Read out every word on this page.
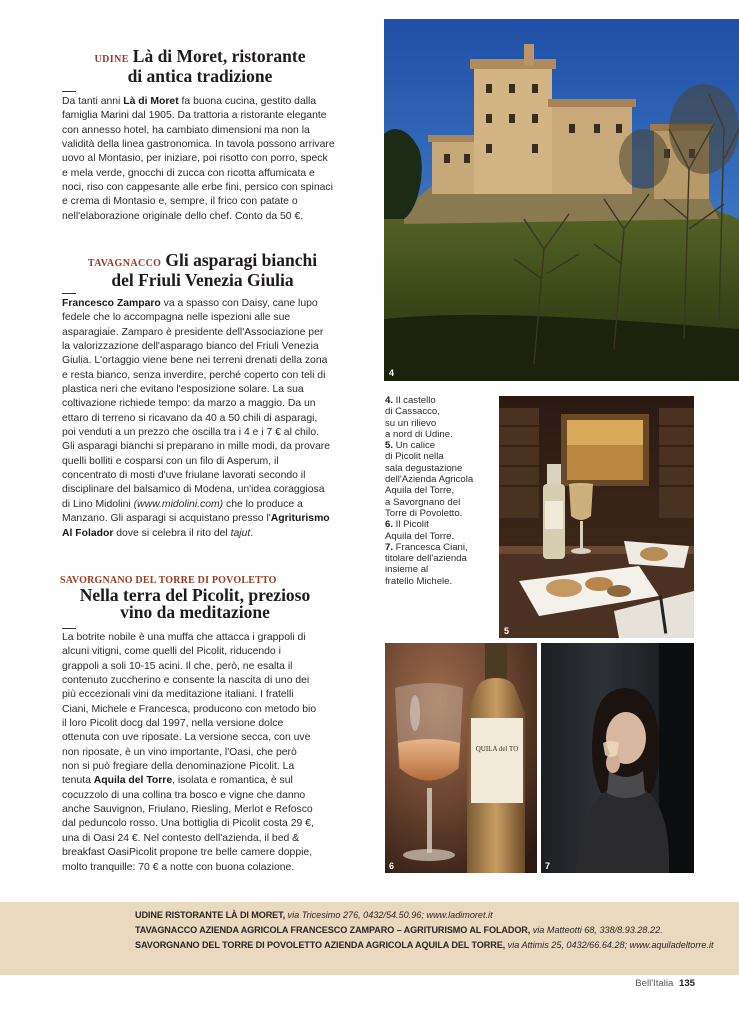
UDINE Là di Moret, ristorante
di antica tradizione
Da tanti anni Là di Moret fa buona cucina, gestito dalla
famiglia Marini dal 1905. Da trattoria a ristorante elegante
con annesso hotel, ha cambiato dimensioni ma non la
validità della linea gastronomica. In tavola possono arrivare
uovo al Montasio, per iniziare, poi risotto con porro, speck
e mela verde, gnocchi di zucca con ricotta affumicata e
noci, riso con cappesante alle erbe fini, persico con spinaci
e crema di Montasio e, sempre, il frico con patate o
nell'elaborazione originale dello chef. Conto da 50 €.
TAVAGNACCO Gli asparagi bianchi
del Friuli Venezia Giulia
Francesco Zamparo va a spasso con Daisy, cane lupo
fedele che lo accompagna nelle ispezioni alle sue
asparagiaie. Zamparo è presidente dell'Associazione per
la valorizzazione dell'asparago bianco del Friuli Venezia
Giulia. L'ortaggio viene bene nei terreni drenati della zona
e resta bianco, senza inverdire, perché coperto con teli di
plastica neri che evitano l'esposizione solare. La sua
coltivazione richiede tempo: da marzo a maggio. Da un
ettaro di terreno si ricavano da 40 a 50 chili di asparagi,
poi venduti a un prezzo che oscilla tra i 4 e i 7 € al chilo.
Gli asparagi bianchi si preparano in mille modi, da provare
quelli bolliti e cosparsi con un filo di Asperum, il
concentrato di mosti d'uve friulane lavorati secondo il
disciplinare del balsamico di Modena, un'idea coraggiosa
di Lino Midolini (www.midolini.com) che lo produce a
Manzano. Gli asparagi si acquistano presso l'Agriturismo
Al Folador dove si celebra il rito del tajut.
SAVORGNANO DEL TORRE DI POVOLETTO
Nella terra del Picolit, prezioso
vino da meditazione
La botrite nobile è una muffa che attacca i grappoli di
alcuni vitigni, come quelli del Picolit, riducendo i
grappoli a soli 10-15 acini. Il che, però, ne esalta il
contenuto zuccherino e consente la nascita di uno dei
più eccezionali vini da meditazione italiani. I fratelli
Ciani, Michele e Francesca, producono con metodo bio
il loro Picolit docg dal 1997, nella versione dolce
ottenuta con uve riposate. La versione secca, con uve
non riposate, è un vino importante, l'Oasi, che però
non si può fregiare della denominazione Picolit. La
tenuta Aquila del Torre, isolata e romantica, è sul
cocuzzolo di una collina tra bosco e vigne che danno
anche Sauvignon, Friulano, Riesling, Merlot e Refosco
dal peduncolo rosso. Una bottiglia di Picolit costa 29 €,
una di Oasi 24 €. Nel contesto dell'azienda, il bed &
breakfast OasiPicolit propone tre belle camere doppie,
molto tranquille: 70 € a notte con buona colazione.
4
5
QUILA del TO
6	7
4. Il castello
di Cassacco,
su un rilievo
a nord di Udine.
5. Un calice
di Picolit nella
sala degustazione
dell'Azienda Agricola
Aquila del Torre,
a Savorgnano del
Torre di Povoletto.
6. Il Picolit
Aquila del Torre.
7. Francesca Ciani,
titolare dell'azienda
insieme al
fratello Michele.
UDINE RISTORANTE LÀ DI MORET, via Tricesimo 276, 0432/54.50.96; www.ladimoret.it
TAVAGNACCO AZIENDA AGRICOLA FRANCESCO ZAMPARO – AGRITURISMO AL FOLADOR, via Matteotti 68, 338/8.93.28.22.
SAVORGNANO DEL TORRE DI POVOLETTO AZIENDA AGRICOLA AQUILA DEL TORRE, via Attimis 25, 0432/66.64.28; www.aquiladeltorre.it
Bell'Italia 135
